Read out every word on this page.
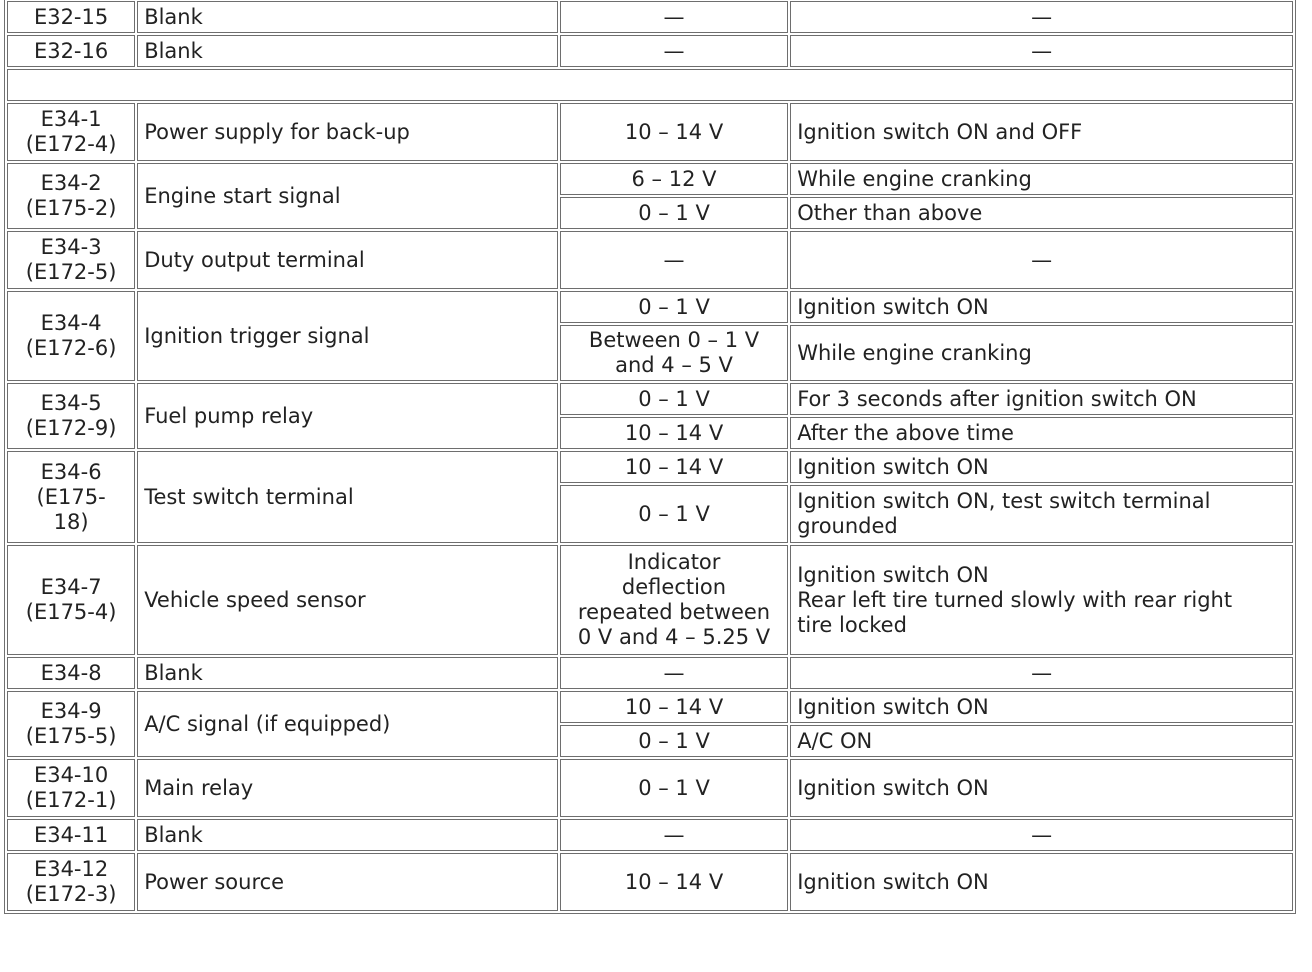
E32-15	Blank	—	—
E32-16	Blank	—	—

E34-1
(E172-4)	Power supply for back-up	10 – 14 V	Ignition switch ON and OFF
E34-2
(E175-2)	Engine start signal	6 – 12 V	While engine cranking
		0 – 1 V	Other than above
E34-3
(E172-5)	Duty output terminal	—	—
E34-4
(E172-6)	Ignition trigger signal	0 – 1 V	Ignition switch ON
		Between 0 – 1 V
and 4 – 5 V	While engine cranking
E34-5
(E172-9)	Fuel pump relay	0 – 1 V	For 3 seconds after ignition switch ON
		10 – 14 V	After the above time
E34-6
(E175-
18)	Test switch terminal	10 – 14 V	Ignition switch ON
		0 – 1 V	Ignition switch ON, test switch terminal
grounded
E34-7
(E175-4)	Vehicle speed sensor	Indicator
deflection
repeated between
0 V and 4 – 5.25 V	Ignition switch ON
Rear left tire turned slowly with rear right
tire locked
E34-8	Blank	—	—
E34-9
(E175-5)	A/C signal (if equipped)	10 – 14 V	Ignition switch ON
		0 – 1 V	A/C ON
E34-10
(E172-1)	Main relay	0 – 1 V	Ignition switch ON
E34-11	Blank	—	—
E34-12
(E172-3)	Power source	10 – 14 V	Ignition switch ON
